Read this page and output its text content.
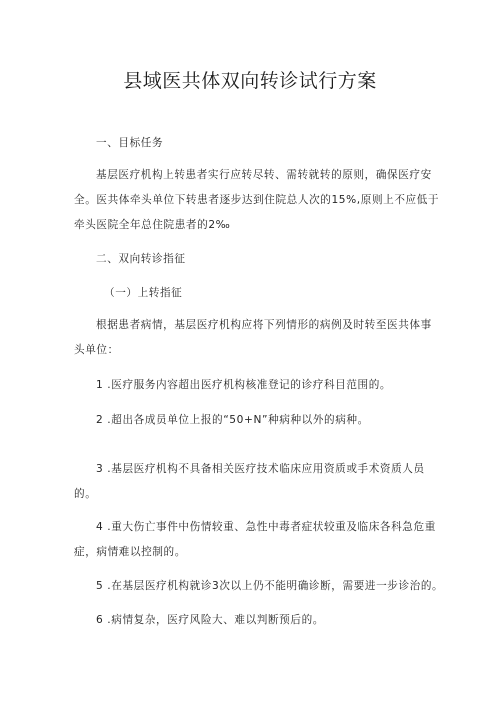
县域医共体双向转诊试行方案
一、目标任务
基层医疗机构上转患者实行应转尽转、需转就转的原则，确保医疗安
全。医共体牵头单位下转患者逐步达到住院总人次的15%,原则上不应低于
牵头医院全年总住院患者的2‰
二、双向转诊指征
（一）上转指征
根据患者病情，基层医疗机构应将下列情形的病例及时转至医共体事
头单位：
1 .医疗服务内容超出医疗机构核准登记的诊疗科目范围的。
2 .超出各成员单位上报的“50+N”种病种以外的病种。
3 .基层医疗机构不具备相关医疗技术临床应用资质或手术资质人员
的。
4 .重大伤亡事件中伤情较重、急性中毒者症状较重及临床各科急危重
症，病情难以控制的。
5 .在基层医疗机构就诊3次以上仍不能明确诊断，需要进一步诊治的。
6 .病情复杂，医疗风险大、难以判断预后的。
